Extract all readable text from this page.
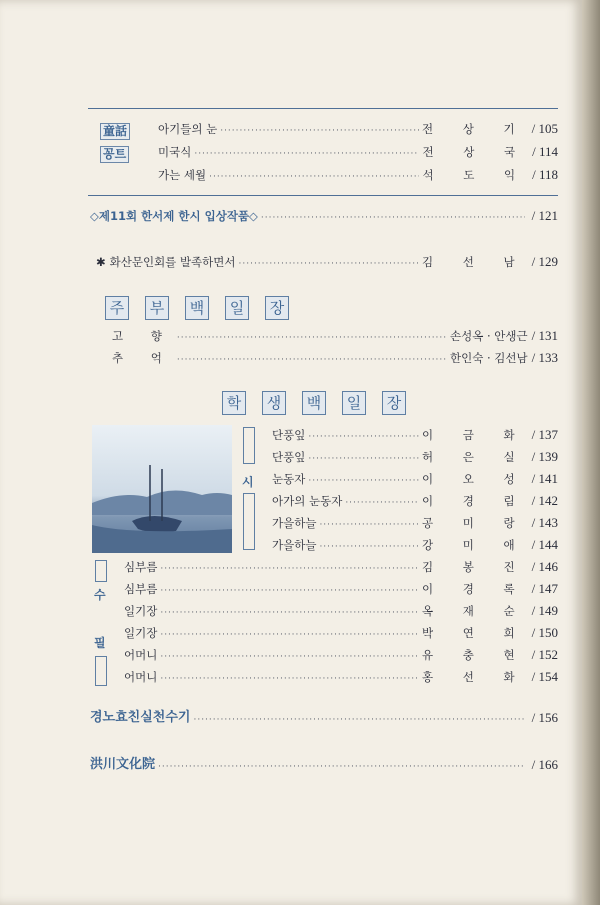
童話
꽁트
아기들의 눈 ·····	전 상 기 / 105
미국식 ·····	전 상 국 / 114
가는 세월 ·····	석 도 익 / 118
◇제11회 한서제 한시 입상작품◇ ·····	/ 121
✱ 화산문인회를 발족하면서 ·····	김 선 남 / 129
주	부	백	일	장
고 향 ·····	손성옥 · 안생근 / 131
추 억 ·····	한인숙 · 김선남 / 133
학	생	백	일	장
시
단풍잎 ·····	이 금 화 / 137
단풍잎 ·····	허 은 실 / 139
눈동자 ·····	이 오 성 / 141
아가의 눈동자 ·····	이 경 림 / 142
가을하늘 ·····	공 미 랑 / 143
가을하늘 ·····	강 미 애 / 144
수
필
심부름 ·····	김 봉 진 / 146
심부름 ·····	이 경 록 / 147
일기장 ·····	옥 재 순 / 149
일기장 ·····	박 연 희 / 150
어머니 ·····	유 충 현 / 152
어머니 ·····	홍 선 화 / 154
경노효친실천수기 ·····	/ 156
洪川文化院 ·····	/ 166
